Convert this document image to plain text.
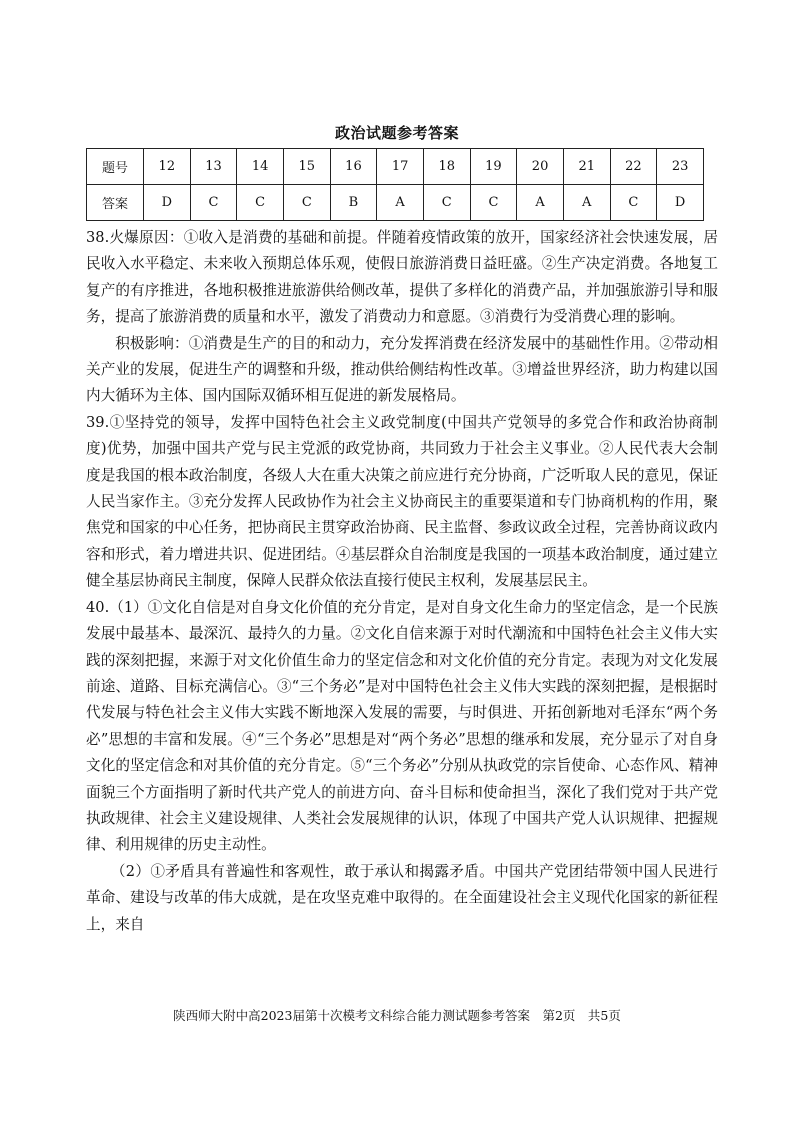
政治试题参考答案
题号	12	13	14	15	16	17	18	19	20	21	22	23
答案	D	C	C	C	B	A	C	C	A	A	C	D

38.火爆原因：①收入是消费的基础和前提。伴随着疫情政策的放开，国家经济社会快速发展，居民收入水平稳定、未来收入预期总体乐观，使假日旅游消费日益旺盛。②生产决定消费。各地复工复产的有序推进，各地积极推进旅游供给侧改革，提供了多样化的消费产品，并加强旅游引导和服务，提高了旅游消费的质量和水平，激发了消费动力和意愿。③消费行为受消费心理的影响。

积极影响：①消费是生产的目的和动力，充分发挥消费在经济发展中的基础性作用。②带动相关产业的发展，促进生产的调整和升级，推动供给侧结构性改革。③增益世界经济，助力构建以国内大循环为主体、国内国际双循环相互促进的新发展格局。

39.①坚持党的领导，发挥中国特色社会主义政党制度(中国共产党领导的多党合作和政治协商制度)优势，加强中国共产党与民主党派的政党协商，共同致力于社会主义事业。②人民代表大会制度是我国的根本政治制度，各级人大在重大决策之前应进行充分协商，广泛听取人民的意见，保证人民当家作主。③充分发挥人民政协作为社会主义协商民主的重要渠道和专门协商机构的作用，聚焦党和国家的中心任务，把协商民主贯穿政治协商、民主监督、参政议政全过程，完善协商议政内容和形式，着力增进共识、促进团结。④基层群众自治制度是我国的一项基本政治制度，通过建立健全基层协商民主制度，保障人民群众依法直接行使民主权利，发展基层民主。

40.（1）①文化自信是对自身文化价值的充分肯定，是对自身文化生命力的坚定信念，是一个民族发展中最基本、最深沉、最持久的力量。②文化自信来源于对时代潮流和中国特色社会主义伟大实践的深刻把握，来源于对文化价值生命力的坚定信念和对文化价值的充分肯定。表现为对文化发展前途、道路、目标充满信心。③“三个务必”是对中国特色社会主义伟大实践的深刻把握，是根据时代发展与特色社会主义伟大实践不断地深入发展的需要，与时俱进、开拓创新地对毛泽东“两个务必”思想的丰富和发展。④“三个务必”思想是对“两个务必”思想的继承和发展，充分显示了对自身文化的坚定信念和对其价值的充分肯定。⑤“三个务必”分别从执政党的宗旨使命、心态作风、精神面貌三个方面指明了新时代共产党人的前进方向、奋斗目标和使命担当，深化了我们党对于共产党执政规律、社会主义建设规律、人类社会发展规律的认识，体现了中国共产党人认识规律、把握规律、利用规律的历史主动性。

（2）①矛盾具有普遍性和客观性，敢于承认和揭露矛盾。中国共产党团结带领中国人民进行革命、建设与改革的伟大成就，是在攻坚克难中取得的。在全面建设社会主义现代化国家的新征程上，来自

陕西师大附中高2023届第十次模考文科综合能力测试题参考答案　第2页　共5页
